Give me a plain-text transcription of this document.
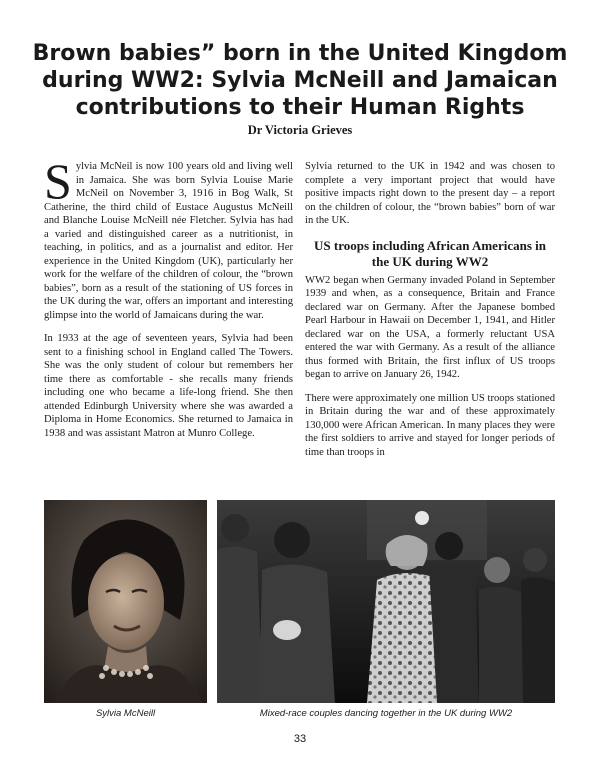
Brown babies” born in the United Kingdom during WW2: Sylvia McNeill and Jamaican contributions to their Human Rights
Dr Victoria Grieves

Sylvia McNeil is now 100 years old and living well in Jamaica. She was born Sylvia Louise Marie McNeil on November 3, 1916 in Bog Walk, St Catherine, the third child of Eustace Augustus McNeill and Blanche Louise McNeill née Fletcher. Sylvia has had a varied and distinguished career as a nutritionist, in teaching, in politics, and as a journalist and editor. Her experience in the United Kingdom (UK), particularly her work for the welfare of the children of colour, the “brown babies”, born as a result of the stationing of US forces in the UK during the war, offers an important and interesting glimpse into the world of Jamaicans during the war.

In 1933 at the age of seventeen years, Sylvia had been sent to a finishing school in England called The Towers. She was the only student of colour but remembers her time there as comfortable - she recalls many friends including one who became a life-long friend. She then attended Edinburgh University where she was awarded a Diploma in Home Economics. She returned to Jamaica in 1938 and was assistant Matron at Munro College.

Sylvia returned to the UK in 1942 and was chosen to complete a very important project that would have positive impacts right down to the present day – a report on the children of colour, the “brown babies” born of war in the UK.

US troops including African Americans in the UK during WW2

WW2 began when Germany invaded Poland in September 1939 and when, as a consequence, Britain and France declared war on Germany. After the Japanese bombed Pearl Harbour in Hawaii on December 1, 1941, and Hitler declared war on the USA, a formerly reluctant USA entered the war with Germany. As a result of the alliance thus formed with Britain, the first influx of US troops began to arrive on January 26, 1942.

There were approximately one million US troops stationed in Britain during the war and of these approximately 130,000 were African American. In many places they were the first soldiers to arrive and stayed for longer periods of time than troops in

Sylvia McNeill	Mixed-race couples dancing together in the UK during WW2
33
